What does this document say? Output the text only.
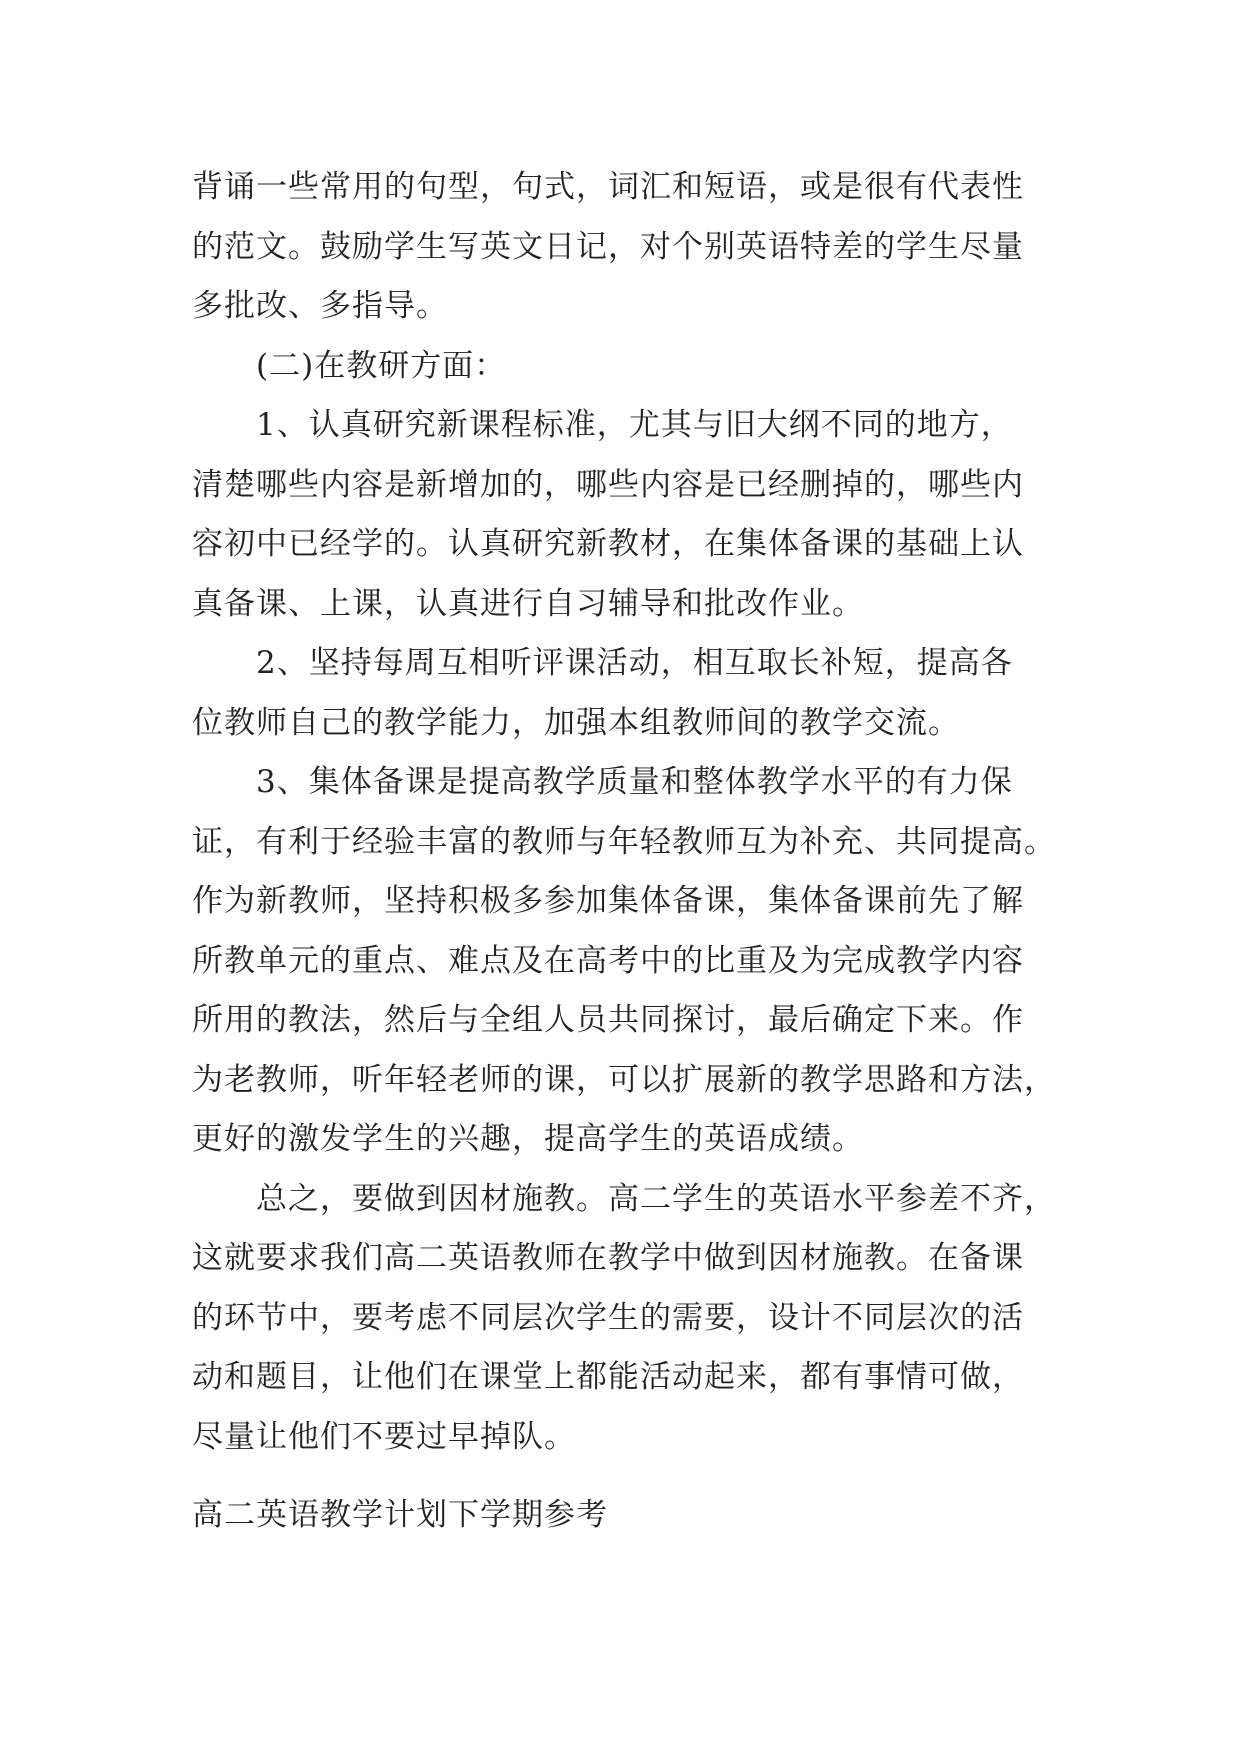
背诵一些常用的句型，句式，词汇和短语，或是很有代表性
的范文。鼓励学生写英文日记，对个别英语特差的学生尽量
多批改、多指导。
(二)在教研方面：
1、认真研究新课程标准，尤其与旧大纲不同的地方，
清楚哪些内容是新增加的，哪些内容是已经删掉的，哪些内
容初中已经学的。认真研究新教材，在集体备课的基础上认
真备课、上课，认真进行自习辅导和批改作业。
2、坚持每周互相听评课活动，相互取长补短，提高各
位教师自己的教学能力，加强本组教师间的教学交流。
3、集体备课是提高教学质量和整体教学水平的有力保
证，有利于经验丰富的教师与年轻教师互为补充、共同提高。
作为新教师，坚持积极多参加集体备课，集体备课前先了解
所教单元的重点、难点及在高考中的比重及为完成教学内容
所用的教法，然后与全组人员共同探讨，最后确定下来。作
为老教师，听年轻老师的课，可以扩展新的教学思路和方法，
更好的激发学生的兴趣，提高学生的英语成绩。
总之，要做到因材施教。高二学生的英语水平参差不齐，
这就要求我们高二英语教师在教学中做到因材施教。在备课
的环节中，要考虑不同层次学生的需要，设计不同层次的活
动和题目，让他们在课堂上都能活动起来，都有事情可做，
尽量让他们不要过早掉队。
高二英语教学计划下学期参考
